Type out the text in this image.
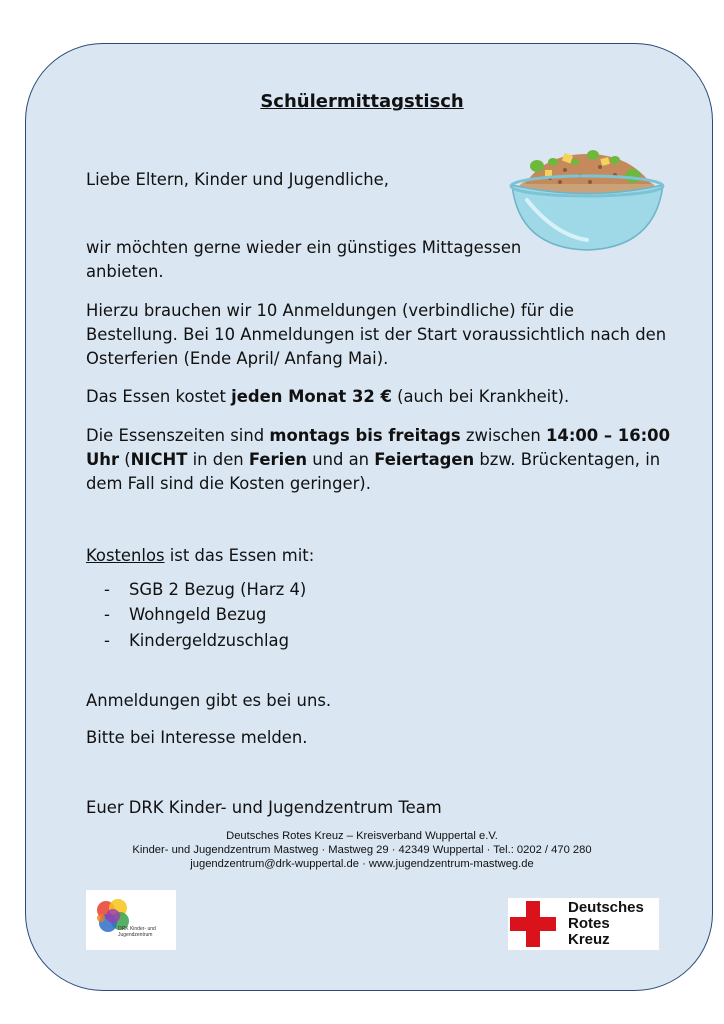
Schülermittagstisch
Liebe Eltern, Kinder und Jugendliche,
wir möchten gerne wieder ein günstiges Mittagessen
anbieten.
Hierzu brauchen wir 10 Anmeldungen (verbindliche) für die
Bestellung. Bei 10 Anmeldungen ist der Start voraussichtlich nach den
Osterferien (Ende April/ Anfang Mai).
Das Essen kostet jeden Monat 32 € (auch bei Krankheit).
Die Essenszeiten sind montags bis freitags zwischen 14:00 – 16:00
Uhr (NICHT in den Ferien und an Feiertagen bzw. Brückentagen, in
dem Fall sind die Kosten geringer).
Kostenlos ist das Essen mit:
- SGB 2 Bezug (Harz 4)
- Wohngeld Bezug
- Kindergeldzuschlag
Anmeldungen gibt es bei uns.
Bitte bei Interesse melden.
Euer DRK Kinder- und Jugendzentrum Team
Deutsches Rotes Kreuz – Kreisverband Wuppertal e.V.
Kinder- und Jugendzentrum Mastweg · Mastweg 29 · 42349 Wuppertal · Tel.: 0202 / 470 280
jugendzentrum@drk-wuppertal.de · www.jugendzentrum-mastweg.de
DRK Kinder- und
Jugendzentrum
Deutsches
Rotes
Kreuz
